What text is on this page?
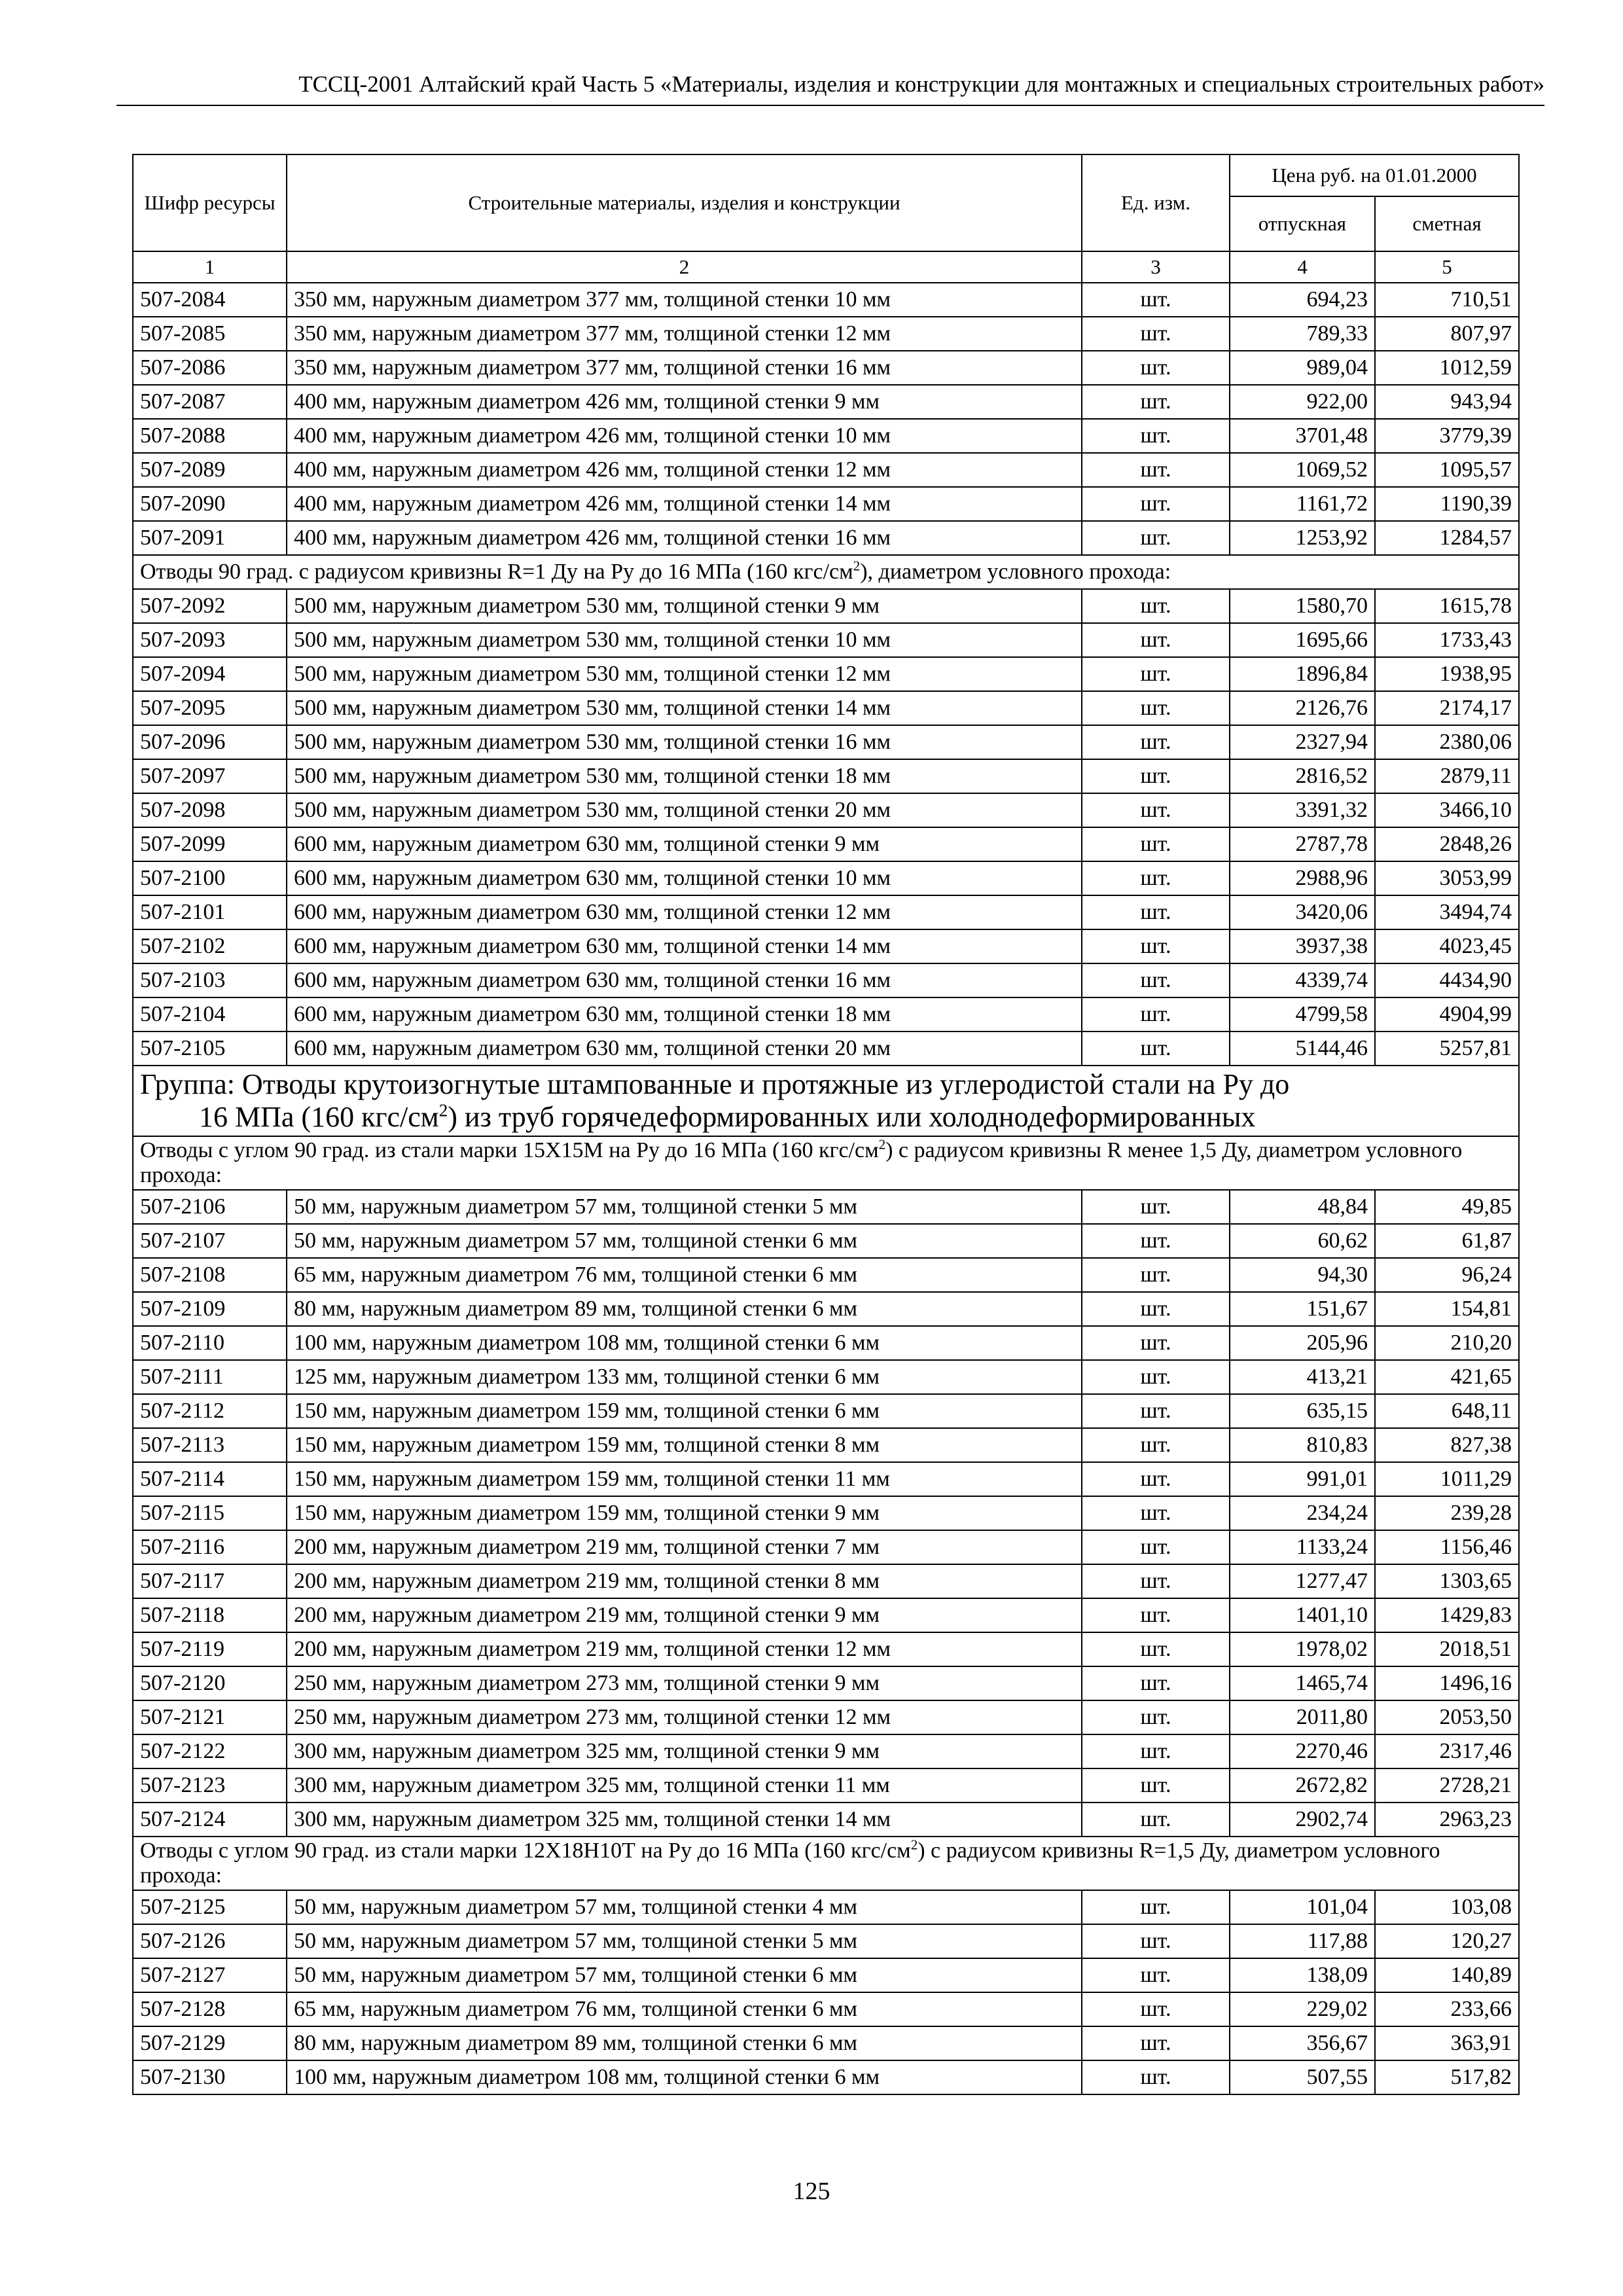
ТССЦ-2001 Алтайский край Часть 5 «Материалы, изделия и конструкции для монтажных и специальных строительных работ»
Шифр ресурсы	Строительные материалы, изделия и конструкции	Ед. изм.	Цена руб. на 01.01.2000	
			отпускная	сметная
1	2	3	4	5
507-2084	350 мм, наружным диаметром 377 мм, толщиной стенки 10 мм	шт.	694,23	710,51
507-2085	350 мм, наружным диаметром 377 мм, толщиной стенки 12 мм	шт.	789,33	807,97
507-2086	350 мм, наружным диаметром 377 мм, толщиной стенки 16 мм	шт.	989,04	1012,59
507-2087	400 мм, наружным диаметром 426 мм, толщиной стенки 9 мм	шт.	922,00	943,94
507-2088	400 мм, наружным диаметром 426 мм, толщиной стенки 10 мм	шт.	3701,48	3779,39
507-2089	400 мм, наружным диаметром 426 мм, толщиной стенки 12 мм	шт.	1069,52	1095,57
507-2090	400 мм, наружным диаметром 426 мм, толщиной стенки 14 мм	шт.	1161,72	1190,39
507-2091	400 мм, наружным диаметром 426 мм, толщиной стенки 16 мм	шт.	1253,92	1284,57
Отводы 90 град. с радиусом кривизны R=1 Ду на Ру до 16 МПа (160 кгс/$см^2$), диаметром условного прохода:				
507-2092	500 мм, наружным диаметром 530 мм, толщиной стенки 9 мм	шт.	1580,70	1615,78
507-2093	500 мм, наружным диаметром 530 мм, толщиной стенки 10 мм	шт.	1695,66	1733,43
507-2094	500 мм, наружным диаметром 530 мм, толщиной стенки 12 мм	шт.	1896,84	1938,95
507-2095	500 мм, наружным диаметром 530 мм, толщиной стенки 14 мм	шт.	2126,76	2174,17
507-2096	500 мм, наружным диаметром 530 мм, толщиной стенки 16 мм	шт.	2327,94	2380,06
507-2097	500 мм, наружным диаметром 530 мм, толщиной стенки 18 мм	шт.	2816,52	2879,11
507-2098	500 мм, наружным диаметром 530 мм, толщиной стенки 20 мм	шт.	3391,32	3466,10
507-2099	600 мм, наружным диаметром 630 мм, толщиной стенки 9 мм	шт.	2787,78	2848,26
507-2100	600 мм, наружным диаметром 630 мм, толщиной стенки 10 мм	шт.	2988,96	3053,99
507-2101	600 мм, наружным диаметром 630 мм, толщиной стенки 12 мм	шт.	3420,06	3494,74
507-2102	600 мм, наружным диаметром 630 мм, толщиной стенки 14 мм	шт.	3937,38	4023,45
507-2103	600 мм, наружным диаметром 630 мм, толщиной стенки 16 мм	шт.	4339,74	4434,90
507-2104	600 мм, наружным диаметром 630 мм, толщиной стенки 18 мм	шт.	4799,58	4904,99
507-2105	600 мм, наружным диаметром 630 мм, толщиной стенки 20 мм	шт.	5144,46	5257,81

Группа: Отводы крутоизогнутые штампованные и протяжные из углеродистой стали на Ру до
16 МПа (160 кгс/$см^2$) из труб горячедеформированных или холоднодеформированных				

Отводы с углом 90 град. из стали марки 15Х15М на Ру до 16 МПа (160 кгс/$см^2$) с радиусом кривизны R менее 1,5 Ду, диаметром условного прохода:				
507-2106	50 мм, наружным диаметром 57 мм, толщиной стенки 5 мм	шт.	48,84	49,85
507-2107	50 мм, наружным диаметром 57 мм, толщиной стенки 6 мм	шт.	60,62	61,87
507-2108	65 мм, наружным диаметром 76 мм, толщиной стенки 6 мм	шт.	94,30	96,24
507-2109	80 мм, наружным диаметром 89 мм, толщиной стенки 6 мм	шт.	151,67	154,81
507-2110	100 мм, наружным диаметром 108 мм, толщиной стенки 6 мм	шт.	205,96	210,20
507-2111	125 мм, наружным диаметром 133 мм, толщиной стенки 6 мм	шт.	413,21	421,65
507-2112	150 мм, наружным диаметром 159 мм, толщиной стенки 6 мм	шт.	635,15	648,11
507-2113	150 мм, наружным диаметром 159 мм, толщиной стенки 8 мм	шт.	810,83	827,38
507-2114	150 мм, наружным диаметром 159 мм, толщиной стенки 11 мм	шт.	991,01	1011,29
507-2115	150 мм, наружным диаметром 159 мм, толщиной стенки 9 мм	шт.	234,24	239,28
507-2116	200 мм, наружным диаметром 219 мм, толщиной стенки 7 мм	шт.	1133,24	1156,46
507-2117	200 мм, наружным диаметром 219 мм, толщиной стенки 8 мм	шт.	1277,47	1303,65
507-2118	200 мм, наружным диаметром 219 мм, толщиной стенки 9 мм	шт.	1401,10	1429,83
507-2119	200 мм, наружным диаметром 219 мм, толщиной стенки 12 мм	шт.	1978,02	2018,51
507-2120	250 мм, наружным диаметром 273 мм, толщиной стенки 9 мм	шт.	1465,74	1496,16
507-2121	250 мм, наружным диаметром 273 мм, толщиной стенки 12 мм	шт.	2011,80	2053,50
507-2122	300 мм, наружным диаметром 325 мм, толщиной стенки 9 мм	шт.	2270,46	2317,46
507-2123	300 мм, наружным диаметром 325 мм, толщиной стенки 11 мм	шт.	2672,82	2728,21
507-2124	300 мм, наружным диаметром 325 мм, толщиной стенки 14 мм	шт.	2902,74	2963,23
Отводы с углом 90 град. из стали марки 12Х18Н10Т на Ру до 16 МПа (160 кгс/$см^2$) с радиусом кривизны R=1,5 Ду, диаметром условного прохода:				
507-2125	50 мм, наружным диаметром 57 мм, толщиной стенки 4 мм	шт.	101,04	103,08
507-2126	50 мм, наружным диаметром 57 мм, толщиной стенки 5 мм	шт.	117,88	120,27
507-2127	50 мм, наружным диаметром 57 мм, толщиной стенки 6 мм	шт.	138,09	140,89
507-2128	65 мм, наружным диаметром 76 мм, толщиной стенки 6 мм	шт.	229,02	233,66
507-2129	80 мм, наружным диаметром 89 мм, толщиной стенки 6 мм	шт.	356,67	363,91
507-2130	100 мм, наружным диаметром 108 мм, толщиной стенки 6 мм	шт.	507,55	517,82
125
